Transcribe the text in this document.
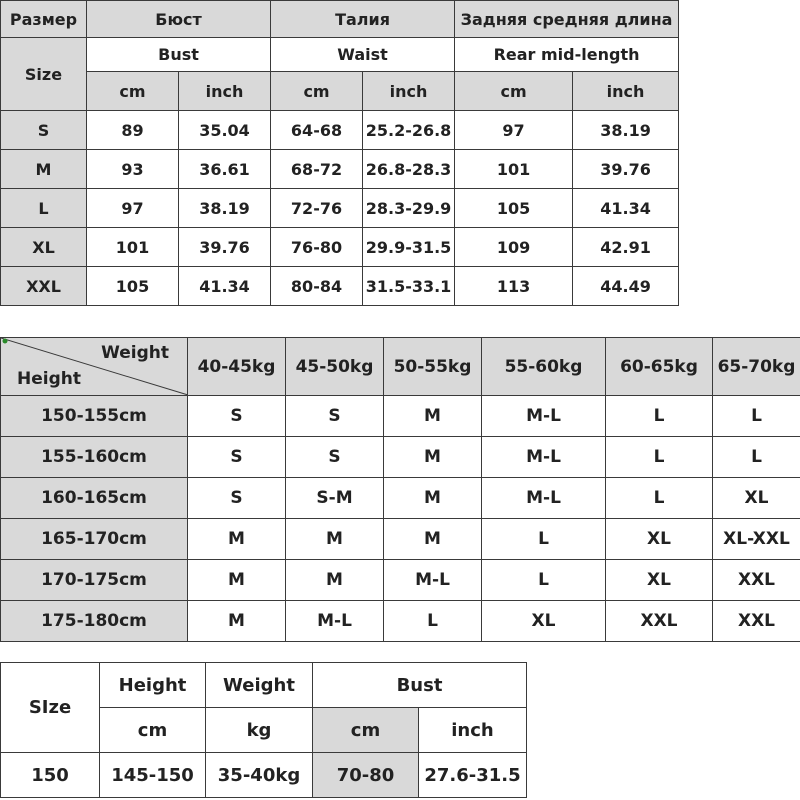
Размер	Бюст		Талия		Задняя средняя длина	
Size	Bust		Waist		Rear mid-length	
	cm	inch	cm	inch	cm	inch
S	89	35.04	64-68	25.2-26.8	97	38.19
M	93	36.61	68-72	26.8-28.3	101	39.76
L	97	38.19	72-76	28.3-29.9	105	41.34
XL	101	39.76	76-80	29.9-31.5	109	42.91
XXL	105	41.34	80-84	31.5-33.1	113	44.49
Weight
Height	40-45kg	45-50kg	50-55kg	55-60kg	60-65kg	65-70kg
150-155cm	S	S	M	M-L	L	L
155-160cm	S	S	M	M-L	L	L
160-165cm	S	S-M	M	M-L	L	XL
165-170cm	M	M	M	L	XL	XL-XXL
170-175cm	M	M	M-L	L	XL	XXL
175-180cm	M	M-L	L	XL	XXL	XXL
SIze	Height	Weight	Bust	
	cm	kg	cm	inch
150	145-150	35-40kg	70-80	27.6-31.5
